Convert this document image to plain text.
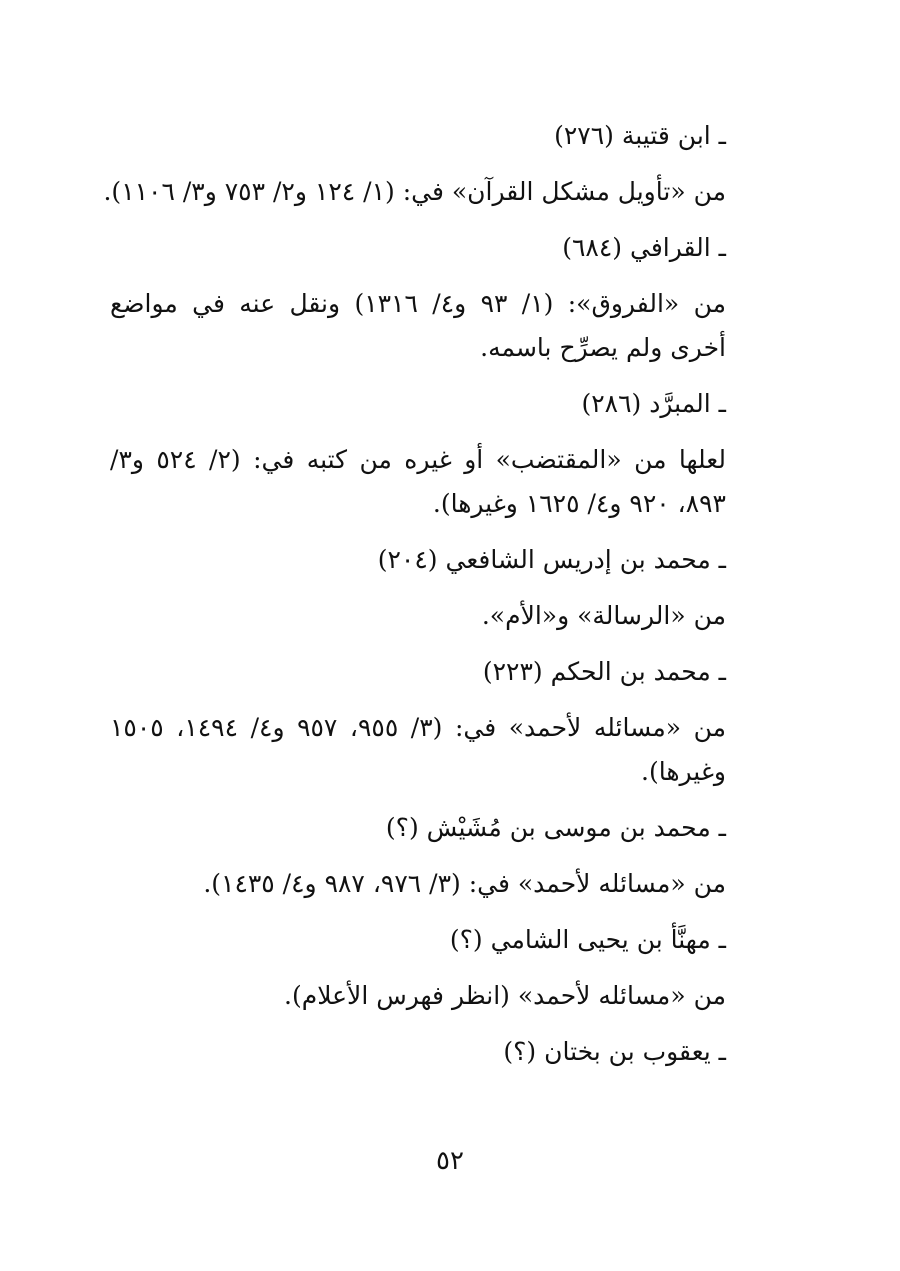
ـ ابن قتيبة (٢٧٦)
من «تأويل مشكل القرآن» في: (١/ ١٢٤ و٢/ ٧٥٣ و٣/ ١١٠٦).
ـ القرافي (٦٨٤)
من «الفروق»: (١/ ٩٣ و٤/ ١٣١٦) ونقل عنه في مواضع أخرى ولم يصرِّح باسمه.
ـ المبرَّد (٢٨٦)
لعلها من «المقتضب» أو غيره من كتبه في: (٢/ ٥٢٤ و٣/ ٨٩٣، ٩٢٠ و٤/ ١٦٢٥ وغيرها).
ـ محمد بن إدريس الشافعي (٢٠٤)
من «الرسالة» و«الأم».
ـ محمد بن الحكم (٢٢٣)
من «مسائله لأحمد» في: (٣/ ٩٥٥، ٩٥٧ و٤/ ١٤٩٤، ١٥٠٥ وغيرها).
ـ محمد بن موسى بن مُشَيْش (؟)
من «مسائله لأحمد» في: (٣/ ٩٧٦، ٩٨٧ و٤/ ١٤٣٥).
ـ مهنَّأ بن يحيى الشامي (؟)
من «مسائله لأحمد» (انظر فهرس الأعلام).
ـ يعقوب بن بختان (؟)
٥٢
